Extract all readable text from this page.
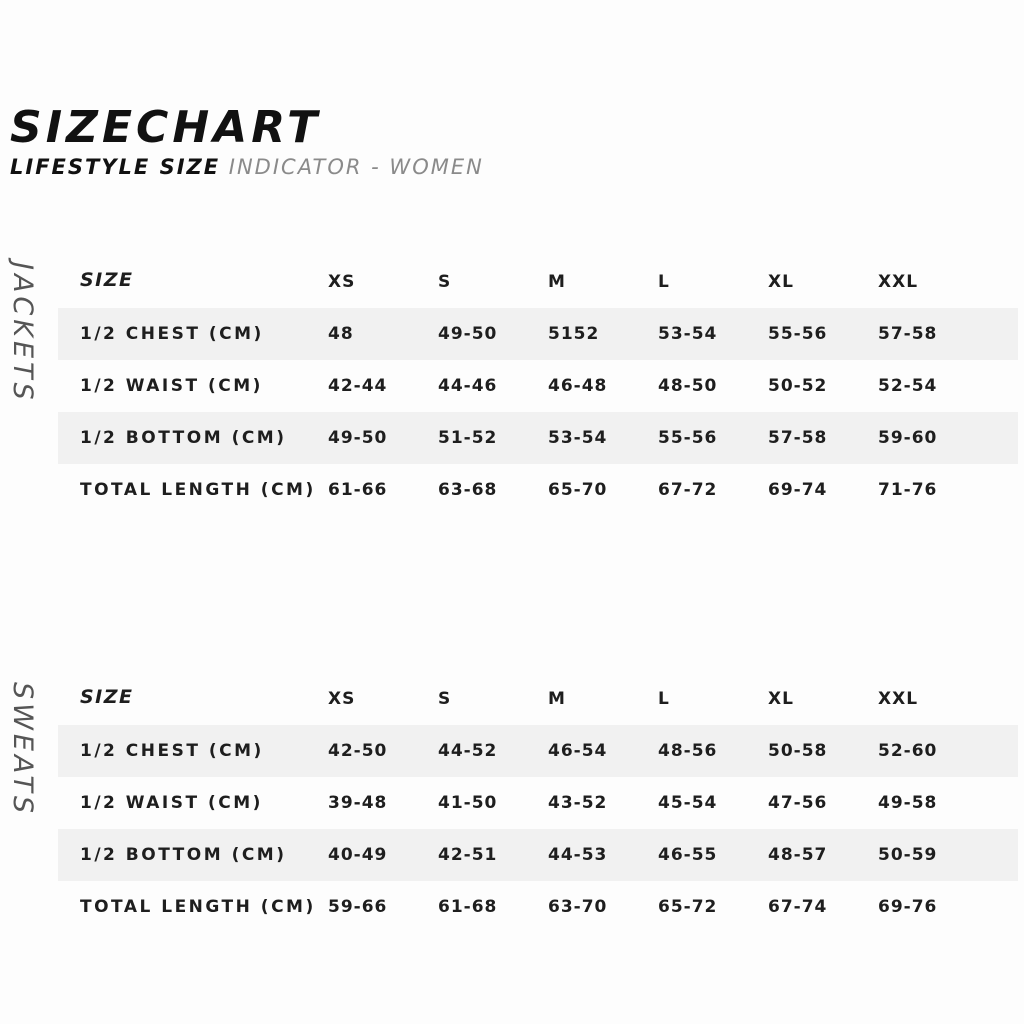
SIZECHART
LIFESTYLE SIZE INDICATOR - WOMEN
JACKETS SIZE	XS	S	M	L	XL	XXL
1/2 CHEST (CM)	48	49-50	5152	53-54	55-56	57-58
1/2 WAIST (CM)	42-44	44-46	46-48	48-50	50-52	52-54
1/2 BOTTOM (CM)	49-50	51-52	53-54	55-56	57-58	59-60
TOTAL LENGTH (CM)	61-66	63-68	65-70	67-72	69-74	71-76
SWEATS SIZE	XS	S	M	L	XL	XXL
1/2 CHEST (CM)	42-50	44-52	46-54	48-56	50-58	52-60
1/2 WAIST (CM)	39-48	41-50	43-52	45-54	47-56	49-58
1/2 BOTTOM (CM)	40-49	42-51	44-53	46-55	48-57	50-59
TOTAL LENGTH (CM)	59-66	61-68	63-70	65-72	67-74	69-76
